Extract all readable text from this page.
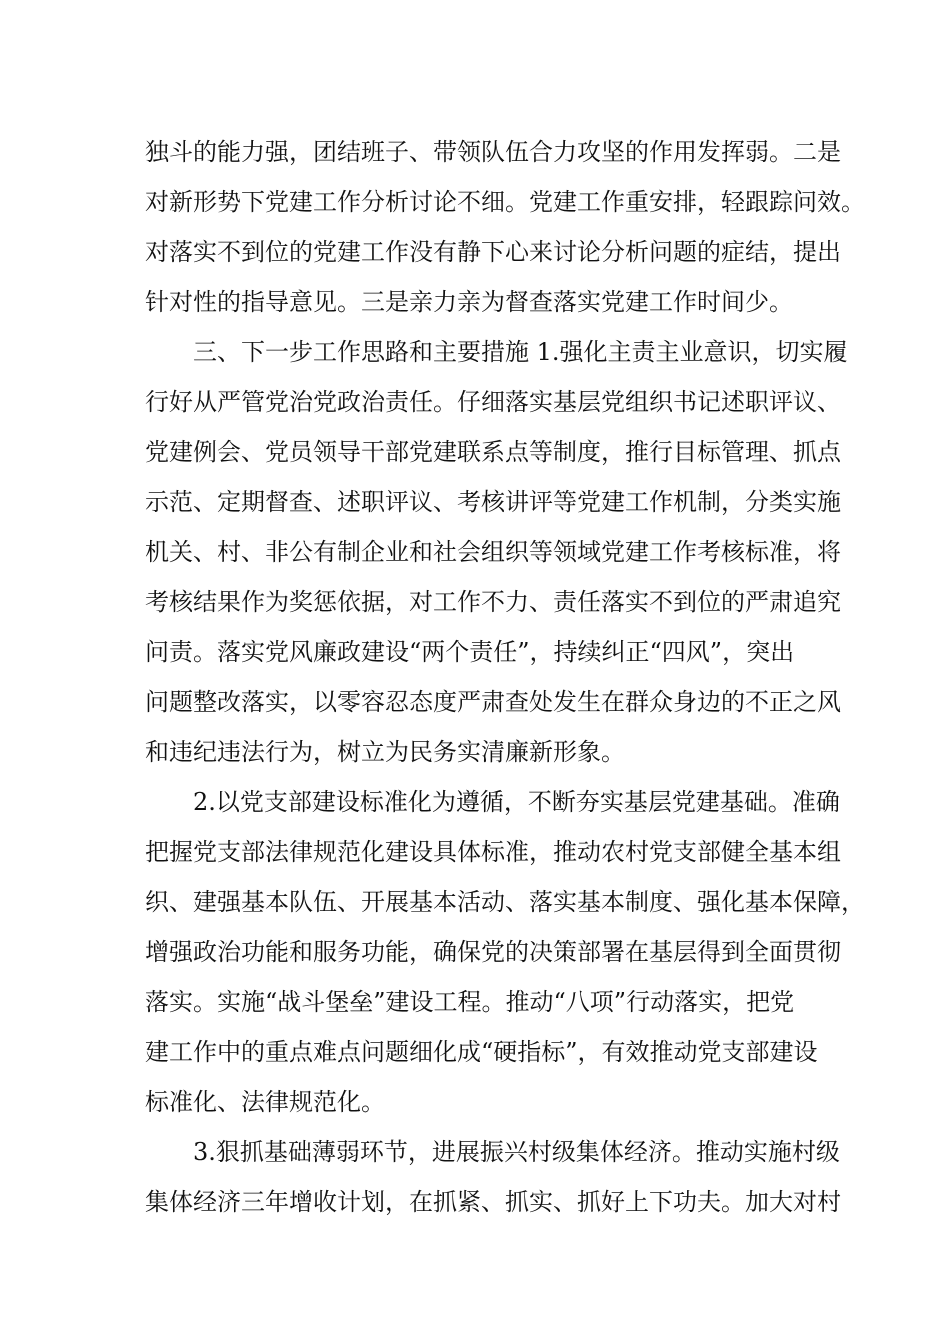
独斗的能力强，团结班子、带领队伍合力攻坚的作用发挥弱。二是
对新形势下党建工作分析讨论不细。党建工作重安排，轻跟踪问效。
对落实不到位的党建工作没有静下心来讨论分析问题的症结，提出
针对性的指导意见。三是亲力亲为督查落实党建工作时间少。
三、下一步工作思路和主要措施 1.强化主责主业意识，切实履
行好从严管党治党政治责任。仔细落实基层党组织书记述职评议、
党建例会、党员领导干部党建联系点等制度，推行目标管理、抓点
示范、定期督查、述职评议、考核讲评等党建工作机制，分类实施
机关、村、非公有制企业和社会组织等领域党建工作考核标准，将
考核结果作为奖惩依据，对工作不力、责任落实不到位的严肃追究
问责。落实党风廉政建设“两个责任”，持续纠正“四风”，突出
问题整改落实，以零容忍态度严肃查处发生在群众身边的不正之风
和违纪违法行为，树立为民务实清廉新形象。
2.以党支部建设标准化为遵循，不断夯实基层党建基础。准确
把握党支部法律规范化建设具体标准，推动农村党支部健全基本组
织、建强基本队伍、开展基本活动、落实基本制度、强化基本保障，
增强政治功能和服务功能，确保党的决策部署在基层得到全面贯彻
落实。实施“战斗堡垒”建设工程。推动“八项”行动落实，把党
建工作中的重点难点问题细化成“硬指标”，有效推动党支部建设
标准化、法律规范化。
3.狠抓基础薄弱环节，进展振兴村级集体经济。推动实施村级
集体经济三年增收计划，在抓紧、抓实、抓好上下功夫。加大对村
